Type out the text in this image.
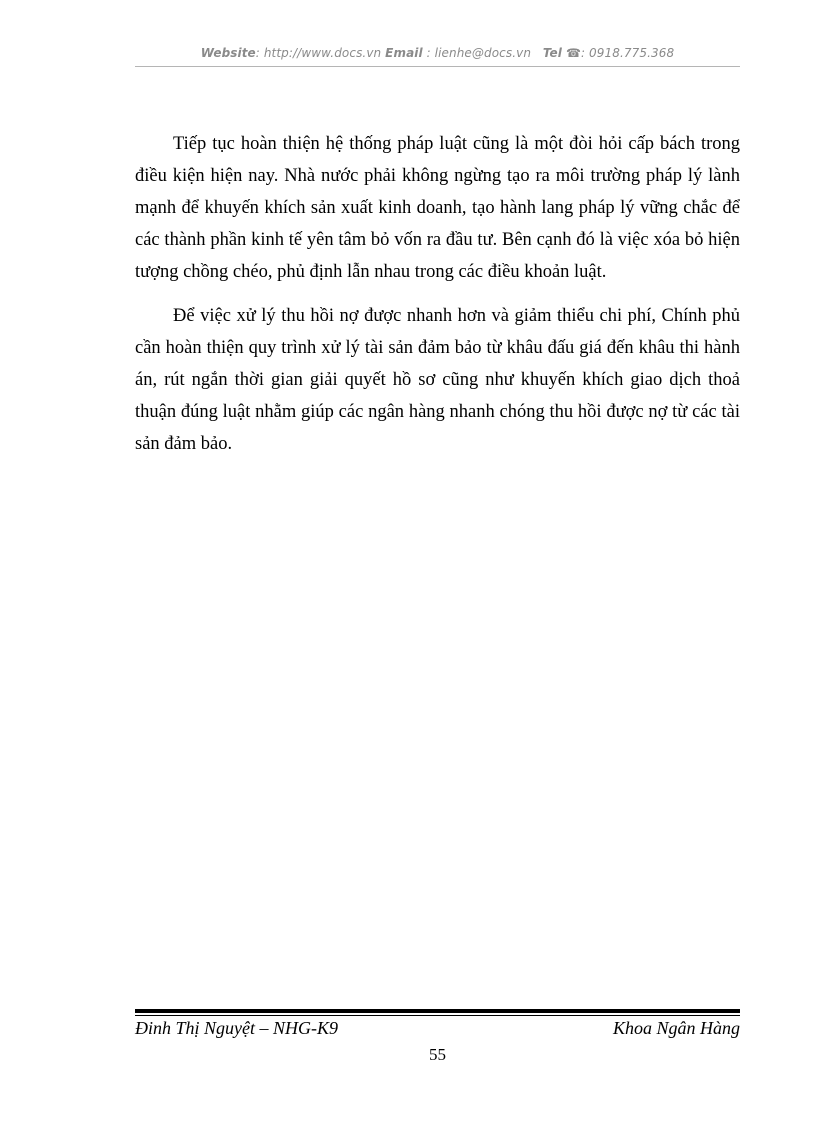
Website: http://www.docs.vn Email : lienhe@docs.vn Tel ☎: 0918.775.368

Tiếp tục hoàn thiện hệ thống pháp luật cũng là một đòi hỏi cấp bách trong điều kiện hiện nay. Nhà nước phải không ngừng tạo ra môi trường pháp lý lành mạnh để khuyến khích sản xuất kinh doanh, tạo hành lang pháp lý vững chắc để các thành phần kinh tế yên tâm bỏ vốn ra đầu tư. Bên cạnh đó là việc xóa bỏ hiện tượng chồng chéo, phủ định lẫn nhau trong các điều khoản luật.

Để việc xử lý thu hồi nợ được nhanh hơn và giảm thiểu chi phí, Chính phủ cần hoàn thiện quy trình xử lý tài sản đảm bảo từ khâu đấu giá đến khâu thi hành án, rút ngắn thời gian giải quyết hồ sơ cũng như khuyến khích giao dịch thoả thuận đúng luật nhằm giúp các ngân hàng nhanh chóng thu hồi được nợ từ các tài sản đảm bảo.

Đinh Thị Nguyệt – NHG-K9	Khoa Ngân Hàng
55
